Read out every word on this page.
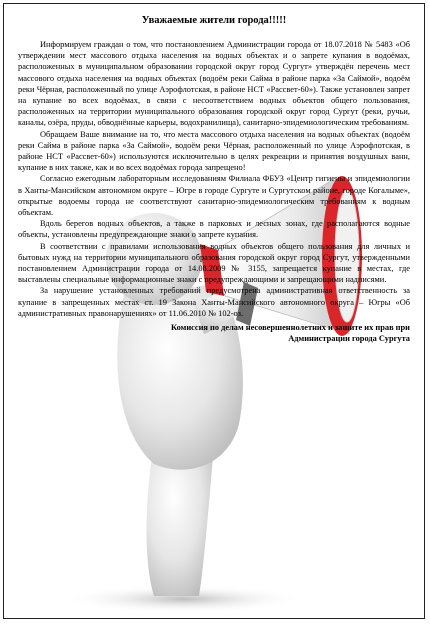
Уважаемые жители города!!!!!

Информируем граждан о том, что постановлением Администрации города от 18.07.2018 № 5483 «Об утверждении мест массового отдыха населения на водных объектах и о запрете купания в водоёмах, расположенных в муниципальном образовании городской округ город Сургут» утверждён перечень мест массового отдыха населения на водных объектах (водоём реки Сайма в районе парка «За Саймой», водоём реки Чёрная, расположенный по улице Аэрофлотская, в районе НСТ «Рассвет-60»). Также установлен запрет на купание во всех водоёмах, в связи с несоответствием водных объектов общего пользования, расположенных на территории муниципального образования городской округ город Сургут (реки, ручьи, каналы, озёра, пруды, обводнённые карьеры, водохранилища), санитарно-эпидемиологическим требованиям.

Обращаем Ваше внимание на то, что места массового отдыха населения на водных объектах (водоём реки Сайма в районе парка «За Саймой», водоём реки Чёрная, расположенный по улице Аэрофлотская, в районе НСТ «Рассвет-60») используются исключительно в целях рекреации и принятия воздушных ванн, купание в них также, как и во всех водоёмах города запрещено!

Согласно ежегодным лабораторным исследованиям Филиала ФБУЗ «Центр гигиены и эпидемиологии в Ханты-Мансийском автономном округе – Югре в городе Сургуте и Сургутском районе, городе Когалыме», открытые водоемы города не соответствуют санитарно-эпидемиологическим требованиям к водным объектам.

Вдоль берегов водных объектов, а также в парковых и лесных зонах, где располагаются водные объекты, установлены предупреждающие знаки о запрете купания.

В соответствии с правилами использования водных объектов общего пользования для личных и бытовых нужд на территории муниципального образования городской округ город Сургут, утвержденными постановлением Администрации города от 14.08.2009 № 3155, запрещается купание в местах, где выставлены специальные информационные знаки с предупреждающими и запрещающими надписями.

За нарушение установленных требований предусмотрена административная ответственность за купание в запрещенных местах ст. 19 Закона Ханты-Мансийского автономного округа – Югры «Об административных правонарушениях» от 11.06.2010 № 102-оз.

Комиссия по делам несовершеннолетних и защите их прав при
Администрации города Сургута
